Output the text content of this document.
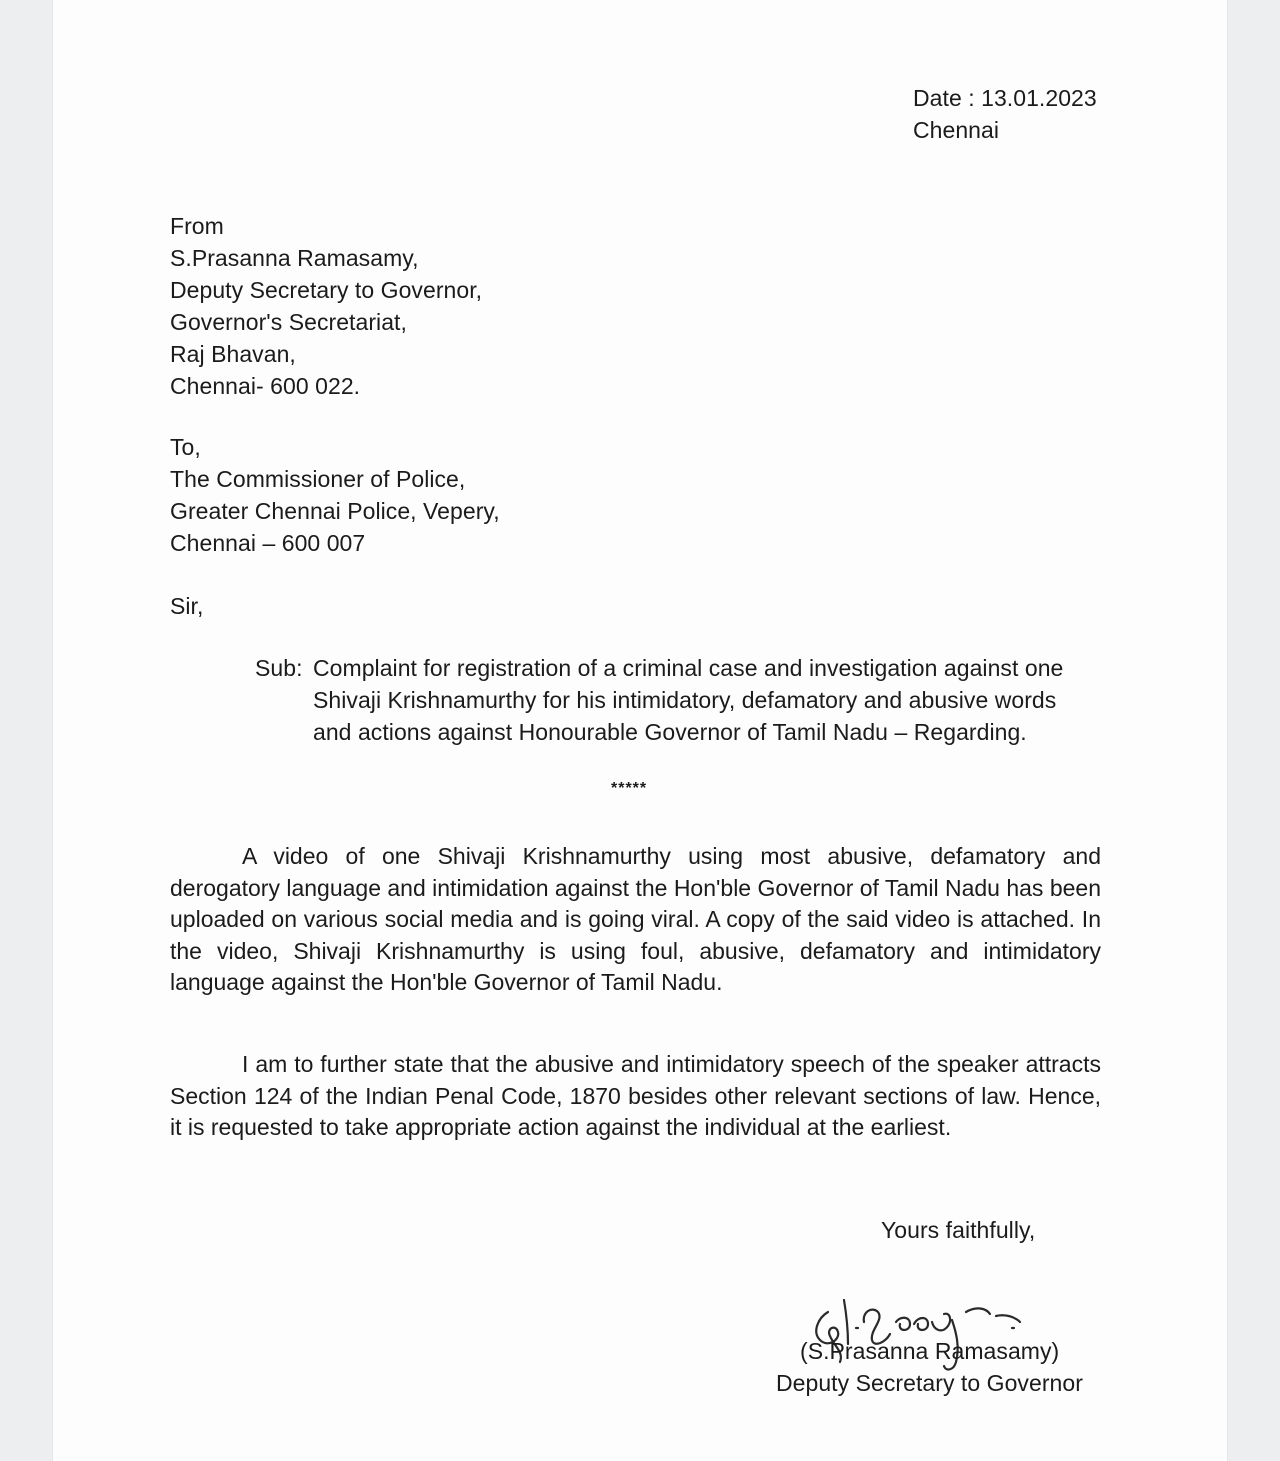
Date : 13.01.2023
Chennai
From
S.Prasanna Ramasamy,
Deputy Secretary to Governor,
Governor's Secretariat,
Raj Bhavan,
Chennai- 600 022.
To,
The Commissioner of Police,
Greater Chennai Police, Vepery,
Chennai – 600 007
Sir,
Sub: Complaint for registration of a criminal case and investigation against one
Shivaji Krishnamurthy for his intimidatory, defamatory and abusive words
and actions against Honourable Governor of Tamil Nadu – Regarding.
*****
A video of one Shivaji Krishnamurthy using most abusive, defamatory and derogatory language and intimidation against the Hon'ble Governor of Tamil Nadu has been uploaded on various social media and is going viral. A copy of the said video is attached. In the video, Shivaji Krishnamurthy is using foul, abusive, defamatory and intimidatory language against the Hon'ble Governor of Tamil Nadu.
I am to further state that the abusive and intimidatory speech of the speaker attracts Section 124 of the Indian Penal Code, 1870 besides other relevant sections of law. Hence, it is requested to take appropriate action against the individual at the earliest.
Yours faithfully,
(S.Prasanna Ramasamy)
Deputy Secretary to Governor
